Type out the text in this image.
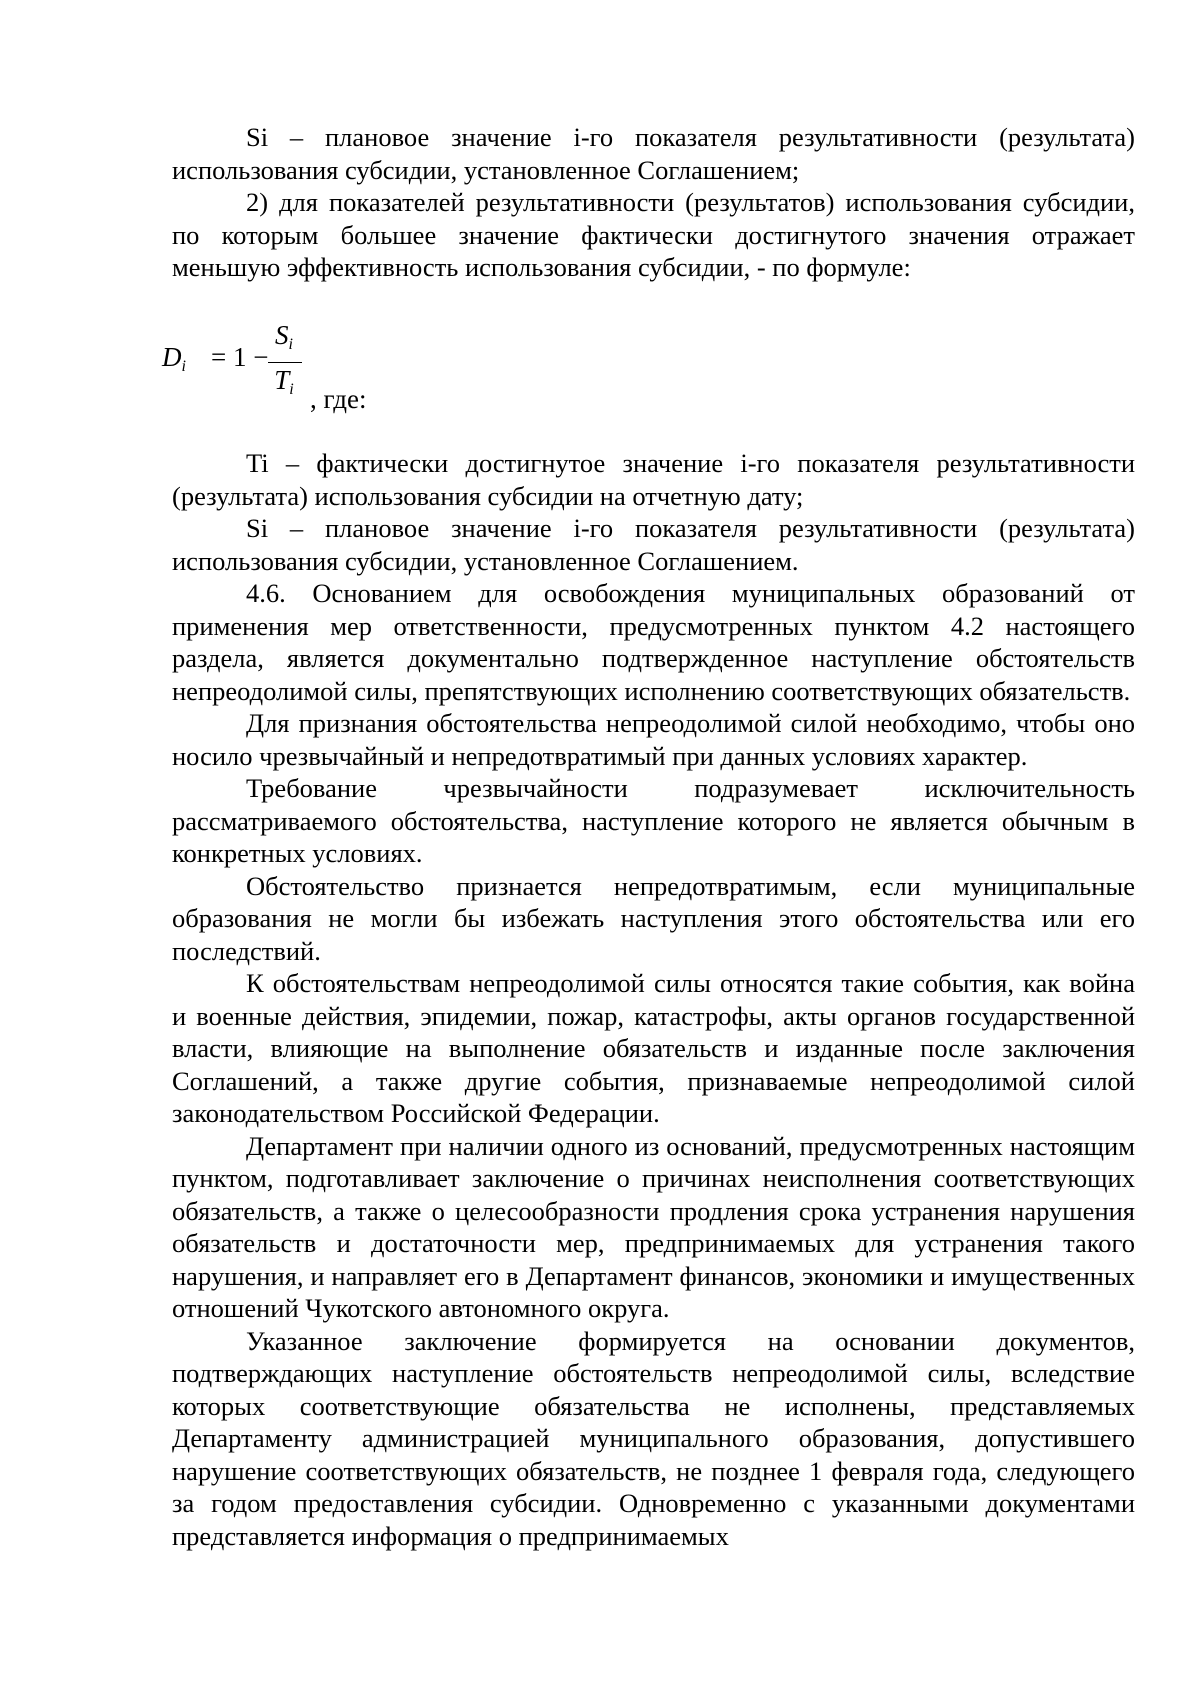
Si – плановое значение i-го показателя результативности (результата) использования субсидии, установленное Соглашением;

2) для показателей результативности (результатов) использования субсидии, по которым большее значение фактически достигнутого значения отражает меньшую эффективность использования субсидии, - по формуле:

$D_i = 1$ −
$S_i$
$T_i$ , где:

Ti – фактически достигнутое значение i-го показателя результативности (результата) использования субсидии на отчетную дату;

Si – плановое значение i-го показателя результативности (результата) использования субсидии, установленное Соглашением.

4.6. Основанием для освобождения муниципальных образований от применения мер ответственности, предусмотренных пунктом 4.2 настоящего раздела, является документально подтвержденное наступление обстоятельств непреодолимой силы, препятствующих исполнению соответствующих обязательств.

Для признания обстоятельства непреодолимой силой необходимо, чтобы оно носило чрезвычайный и непредотвратимый при данных условиях характер.

Требование чрезвычайности подразумевает исключительность рассматриваемого обстоятельства, наступление которого не является обычным в конкретных условиях.

Обстоятельство признается непредотвратимым, если муниципальные образования не могли бы избежать наступления этого обстоятельства или его последствий.

К обстоятельствам непреодолимой силы относятся такие события, как война и военные действия, эпидемии, пожар, катастрофы, акты органов государственной власти, влияющие на выполнение обязательств и изданные после заключения Соглашений, а также другие события, признаваемые непреодолимой силой законодательством Российской Федерации.

Департамент при наличии одного из оснований, предусмотренных настоящим пунктом, подготавливает заключение о причинах неисполнения соответствующих обязательств, а также о целесообразности продления срока устранения нарушения обязательств и достаточности мер, предпринимаемых для устранения такого нарушения, и направляет его в Департамент финансов, экономики и имущественных отношений Чукотского автономного округа.

Указанное заключение формируется на основании документов, подтверждающих наступление обстоятельств непреодолимой силы, вследствие которых соответствующие обязательства не исполнены, представляемых Департаменту администрацией муниципального образования, допустившего нарушение соответствующих обязательств, не позднее 1 февраля года, следующего за годом предоставления субсидии. Одновременно с указанными документами представляется информация о предпринимаемых
